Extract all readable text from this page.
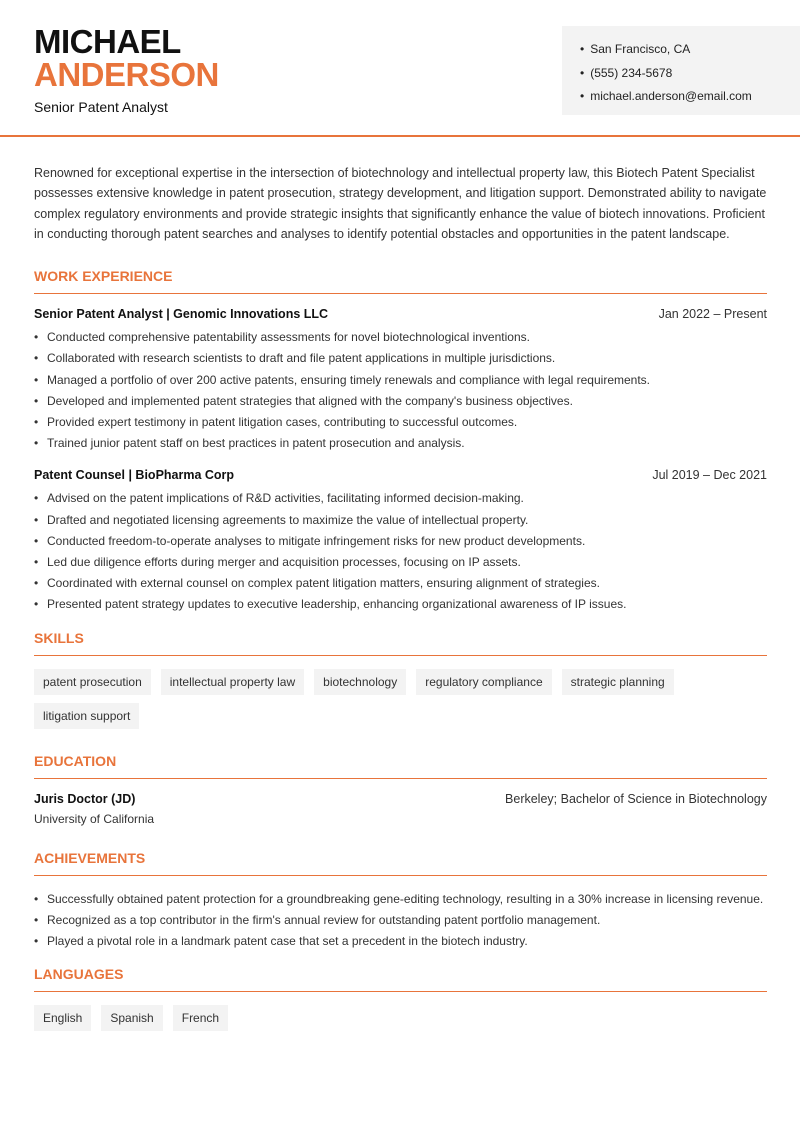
MICHAEL
ANDERSON
Senior Patent Analyst
• San Francisco, CA
• (555) 234-5678
• michael.anderson@email.com

Renowned for exceptional expertise in the intersection of biotechnology and intellectual property law, this Biotech Patent Specialist possesses extensive knowledge in patent prosecution, strategy development, and litigation support. Demonstrated ability to navigate complex regulatory environments and provide strategic insights that significantly enhance the value of biotech innovations. Proficient in conducting thorough patent searches and analyses to identify potential obstacles and opportunities in the patent landscape.

WORK EXPERIENCE
Senior Patent Analyst | Genomic Innovations LLC	Jan 2022 – Present
• Conducted comprehensive patentability assessments for novel biotechnological inventions.
• Collaborated with research scientists to draft and file patent applications in multiple jurisdictions.
• Managed a portfolio of over 200 active patents, ensuring timely renewals and compliance with legal requirements.
• Developed and implemented patent strategies that aligned with the company's business objectives.
• Provided expert testimony in patent litigation cases, contributing to successful outcomes.
• Trained junior patent staff on best practices in patent prosecution and analysis.
Patent Counsel | BioPharma Corp	Jul 2019 – Dec 2021
• Advised on the patent implications of R&D activities, facilitating informed decision-making.
• Drafted and negotiated licensing agreements to maximize the value of intellectual property.
• Conducted freedom-to-operate analyses to mitigate infringement risks for new product developments.
• Led due diligence efforts during merger and acquisition processes, focusing on IP assets.
• Coordinated with external counsel on complex patent litigation matters, ensuring alignment of strategies.
• Presented patent strategy updates to executive leadership, enhancing organizational awareness of IP issues.
SKILLS
patent prosecution	intellectual property law	biotechnology	regulatory compliance	strategic planning
litigation support
EDUCATION
Juris Doctor (JD)	Berkeley; Bachelor of Science in Biotechnology
University of California
ACHIEVEMENTS
• Successfully obtained patent protection for a groundbreaking gene-editing technology, resulting in a 30% increase in licensing revenue.
• Recognized as a top contributor in the firm's annual review for outstanding patent portfolio management.
• Played a pivotal role in a landmark patent case that set a precedent in the biotech industry.
LANGUAGES
English	Spanish	French
